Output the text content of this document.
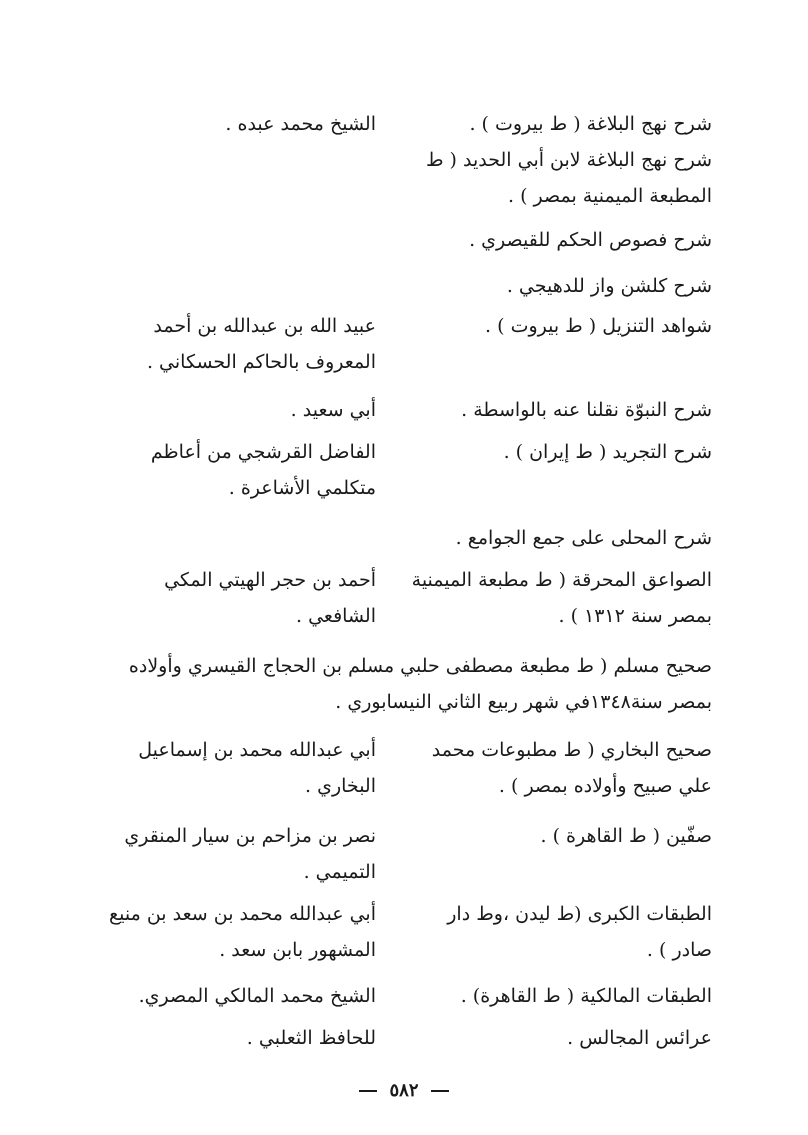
شرح نهج البلاغة ( ط بيروت ) .
الشيخ محمد عبده .
شرح نهج البلاغة لابن أبي الحديد ( ط المطبعة الميمنية بمصر ) .
شرح فصوص الحكم للقيصري .
شرح كلشن واز للدهيجي .
شواهد التنزيل ( ط بيروت ) .
عبيد الله بن عبدالله بن أحمد المعروف بالحاكم الحسكاني .
شرح النبوّة نقلنا عنه بالواسطة .
أبي سعيد .
شرح التجريد ( ط إيران ) .
الفاضل القرشجي من أعاظم متكلمي الأشاعرة .
شرح المحلى على جمع الجوامع .
الصواعق المحرقة ( ط مطبعة الميمنية بمصر سنة ١٣١٢ ) .
أحمد بن حجر الهيتي المكي الشافعي .
صحيح مسلم ( ط مطبعة مصطفى حلبي مسلم بن الحجاج القيسري وأولاده بمصر سنة١٣٤٨في شهر ربيع الثاني النيسابوري .
صحيح البخاري ( ط مطبوعات محمد علي صبيح وأولاده بمصر ) .
أبي عبدالله محمد بن إسماعيل البخاري .
صفّين ( ط القاهرة ) .
نصر بن مزاحم بن سيار المنقري التميمي .
الطبقات الكبرى (ط ليدن ،وط دار صادر ) .
أبي عبدالله محمد بن سعد بن منيع المشهور بابن سعد .
الطبقات المالكية ( ط القاهرة) .
الشيخ محمد المالكي المصري.
عرائس المجالس .
للحافظ الثعلبي .
٥٨٢
